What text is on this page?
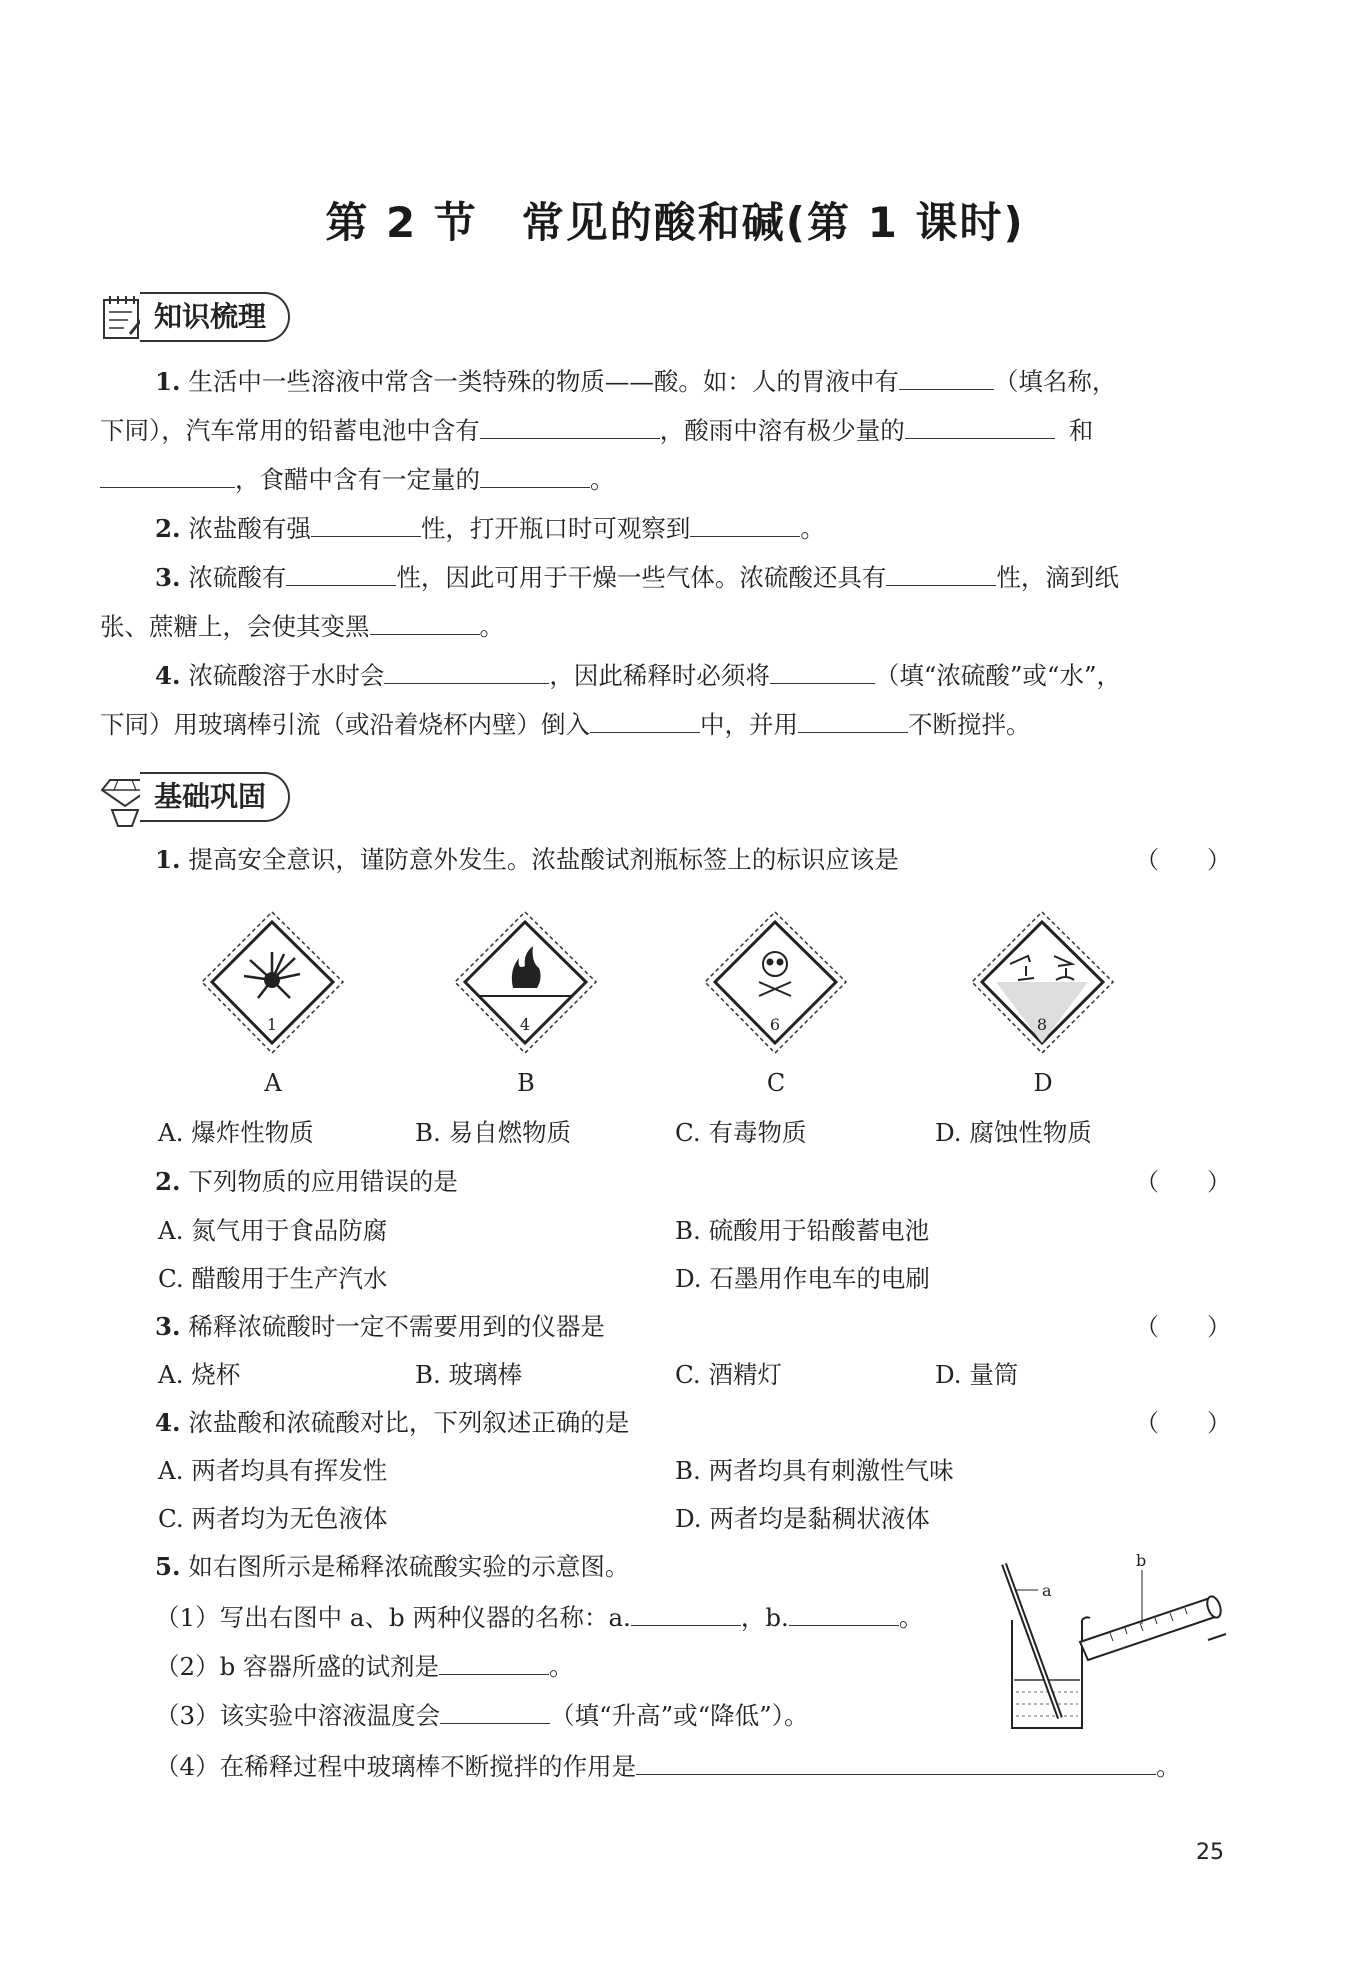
第 2 节　常见的酸和碱(第 1 课时)
知识梳理
1. 生活中一些溶液中常含一类特殊的物质——酸。如：人的胃液中有	（填名称，
下同），汽车常用的铅蓄电池中含有	，酸雨中溶有极少量的	和
，食醋中含有一定量的	。
2. 浓盐酸有强	性，打开瓶口时可观察到	。
3. 浓硫酸有	性，因此可用于干燥一些气体。浓硫酸还具有	性，滴到纸
张、蔗糖上，会使其变黑	。
4. 浓硫酸溶于水时会	，因此稀释时必须将	（填“浓硫酸”或“水”，
下同）用玻璃棒引流（或沿着烧杯内壁）倒入	中，并用	不断搅拌。
基础巩固
1. 提高安全意识，谨防意外发生。浓盐酸试剂瓶标签上的标识应该是	（　　）
1	4	6	8
A	B	C	D
A. 爆炸性物质	B. 易自燃物质	C. 有毒物质	D. 腐蚀性物质
2. 下列物质的应用错误的是	（　　）
A. 氮气用于食品防腐	B. 硫酸用于铅酸蓄电池
C. 醋酸用于生产汽水	D. 石墨用作电车的电刷
3. 稀释浓硫酸时一定不需要用到的仪器是	（　　）
A. 烧杯	B. 玻璃棒	C. 酒精灯	D. 量筒
4. 浓盐酸和浓硫酸对比，下列叙述正确的是	（　　）
A. 两者均具有挥发性	B. 两者均具有刺激性气味
C. 两者均为无色液体	D. 两者均是黏稠状液体
5. 如右图所示是稀释浓硫酸实验的示意图。
（1）写出右图中 a、b 两种仪器的名称：a.	，b.	。
（2）b 容器所盛的试剂是	。
（3）该实验中溶液温度会	（填“升高”或“降低”）。
（4）在稀释过程中玻璃棒不断搅拌的作用是	。
a
b
25
